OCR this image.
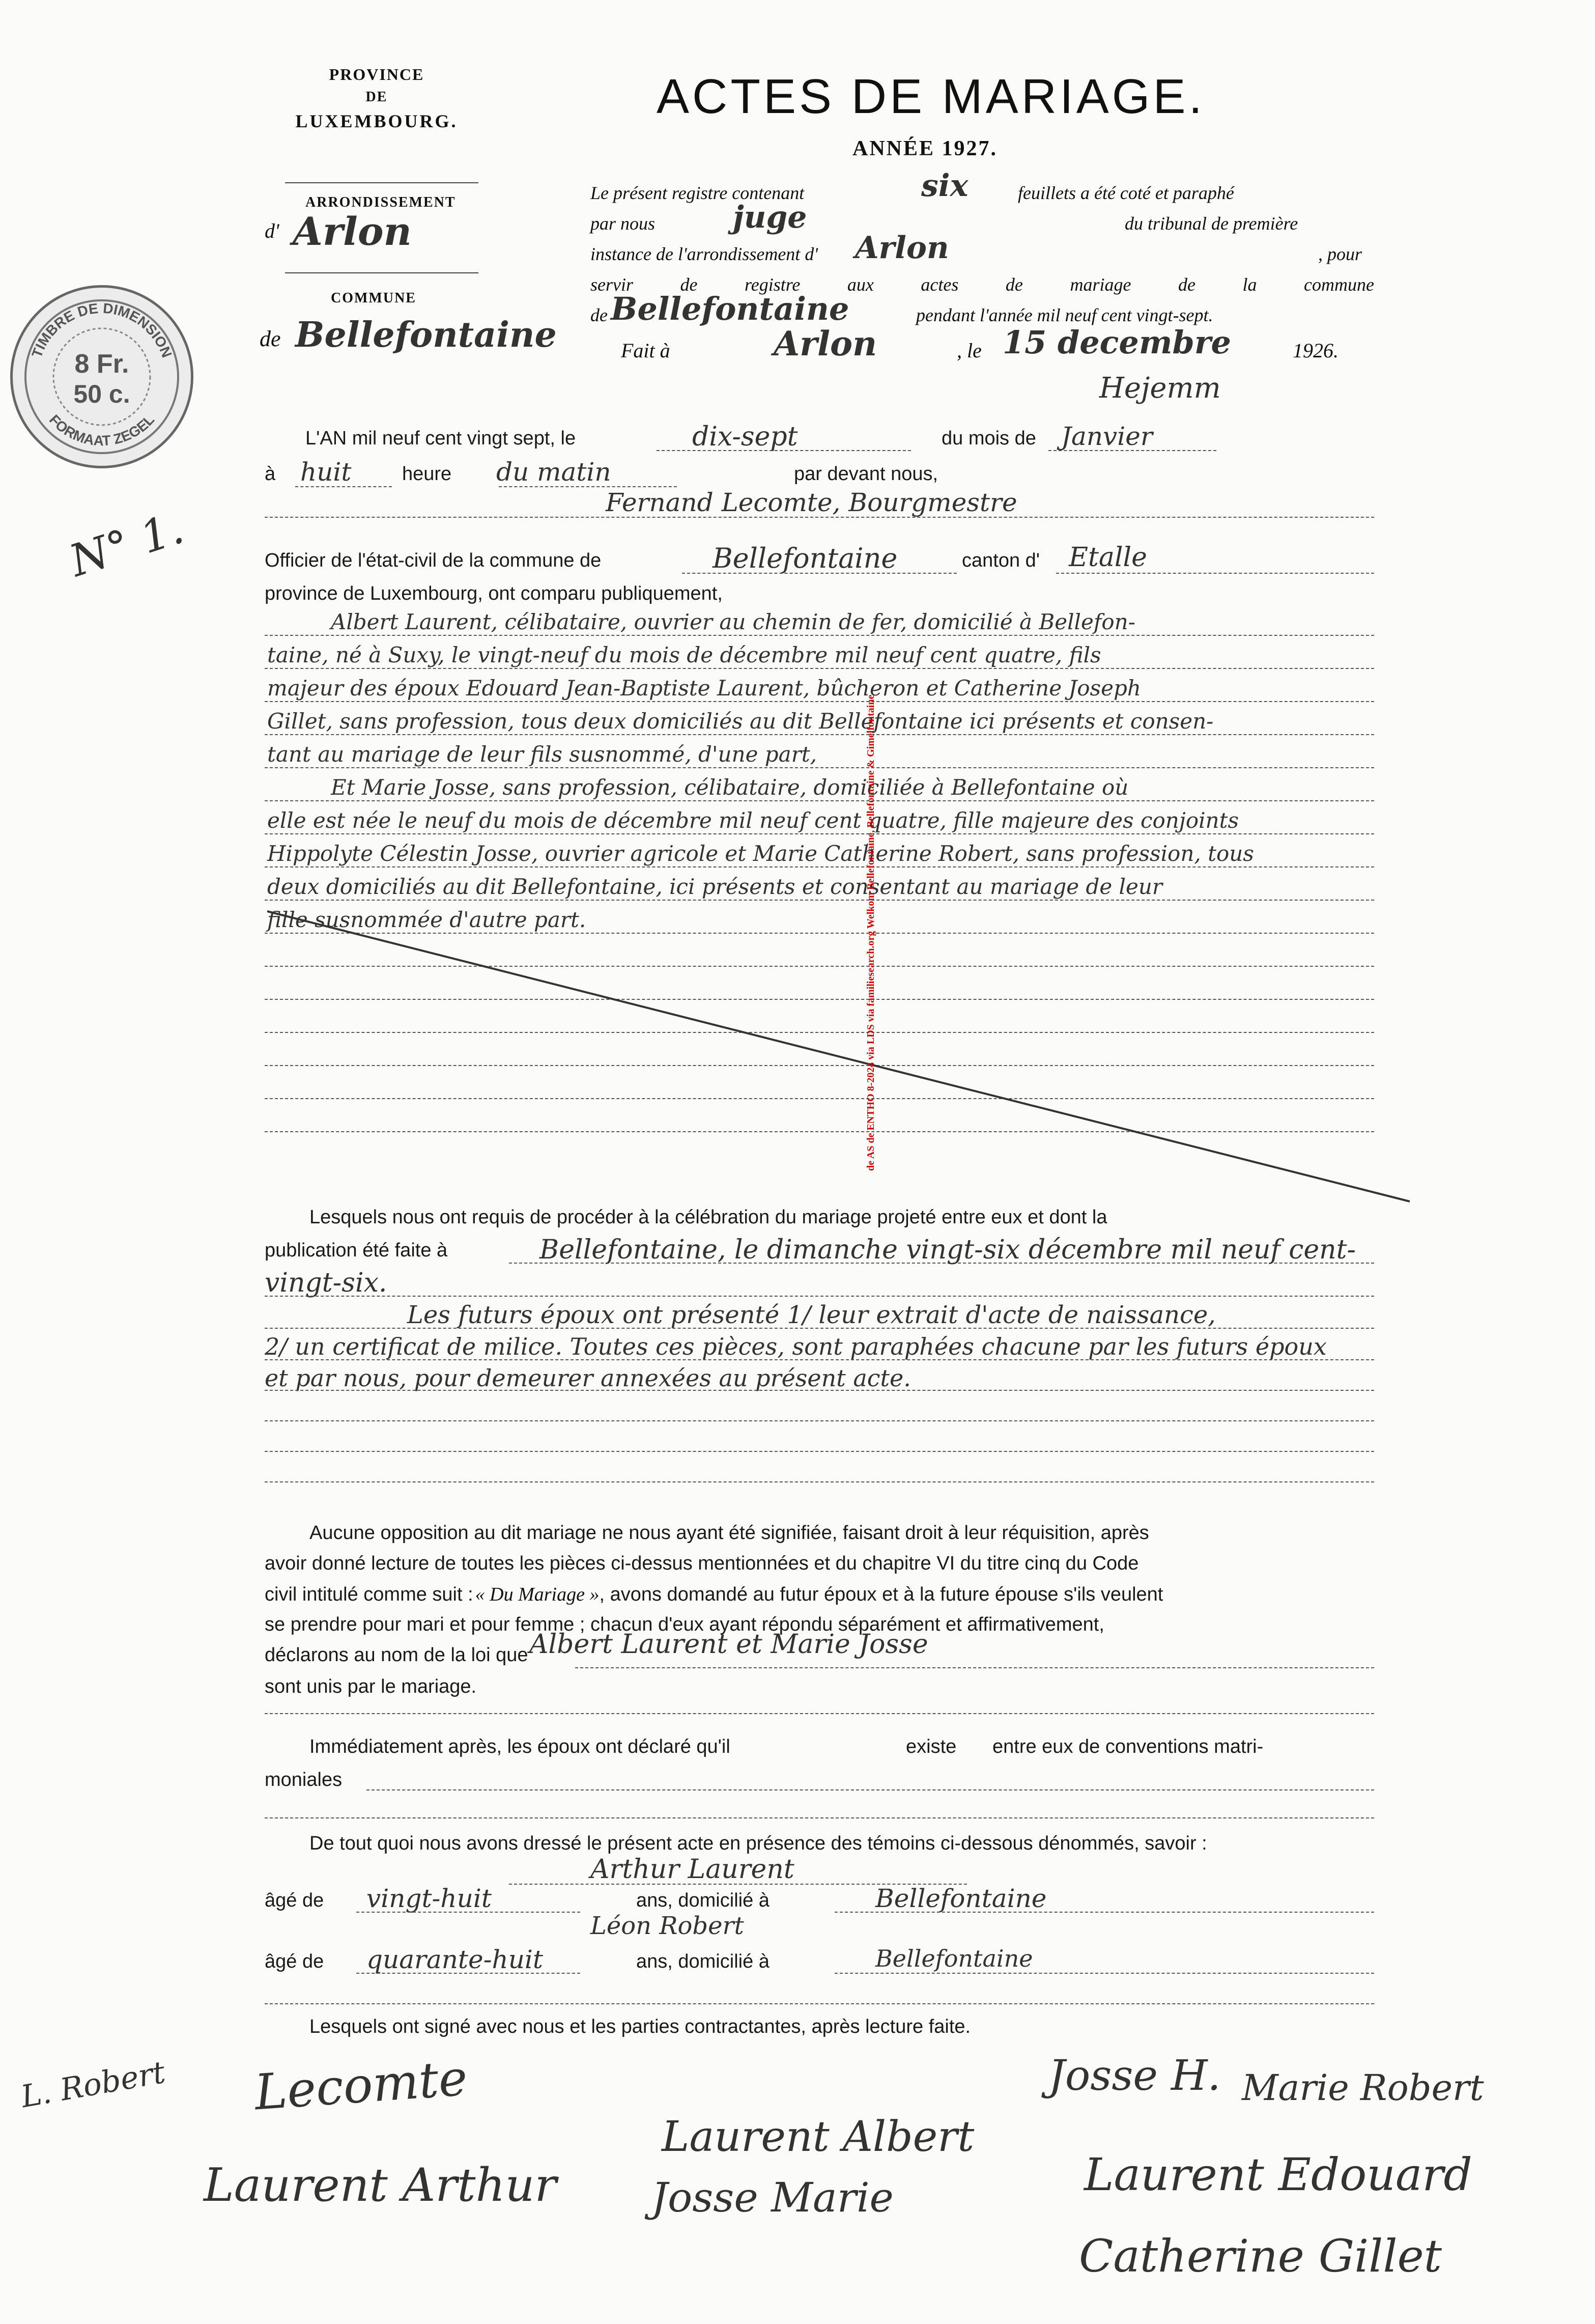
PROVINCE
DE
LUXEMBOURG.
ARRONDISSEMENT
d' Arlon
COMMUNE
de Bellefontaine
ACTES DE MARIAGE.
ANNÉE 1927.
Le présent registre contenant	six	feuillets a été coté et paraphé
par nous	juge	du tribunal de première
instance de l'arrondissement d' Arlon	, pour
servir de registre aux actes de mariage de la commune
de Bellefontaine	pendant l'année mil neuf cent vingt-sept.
Fait à	Arlon	, le 15 decembre	1926.
Hejemm
TIMBRE DE DIMENSION
FORMAAT ZEGEL
8 Fr.
50 c.
N° 1.
L'AN mil neuf cent vingt sept, le	dix-sept	du mois de Janvier
à huit	heure du matin	par devant nous,
Fernand Lecomte, Bourgmestre
Officier de l'état-civil de la commune de	Bellefontaine	canton d' Etalle
province de Luxembourg, ont comparu publiquement,
Albert Laurent, célibataire, ouvrier au chemin de fer, domicilié à Bellefon-
taine, né à Suxy, le vingt-neuf du mois de décembre mil neuf cent quatre, fils
majeur des époux Edouard Jean-Baptiste Laurent, bûcheron et Catherine Joseph
Gillet, sans profession, tous deux domiciliés au dit Bellefontaine ici présents et consen-
tant au mariage de leur fils susnommé, d'une part,
Et Marie Josse, sans profession, célibataire, domiciliée à Bellefontaine où
elle est née le neuf du mois de décembre mil neuf cent quatre, fille majeure des conjoints
Hippolyte Célestin Josse, ouvrier agricole et Marie Catherine Robert, sans profession, tous
deux domiciliés au dit Bellefontaine, ici présents et consentant au mariage de leur
fille susnommée d'autre part.	de AS de ENTHO 8-2024 via LDS via familiesearch.org Welkom Bellefontaine, Bellefontaine & Gimelfontaine
Lesquels nous ont requis de procéder à la célébration du mariage projeté entre eux et dont la
publication été faite à	Bellefontaine, le dimanche vingt-six décembre mil neuf cent-
vingt-six.
Les futurs époux ont présenté 1/ leur extrait d'acte de naissance,
2/ un certificat de milice. Toutes ces pièces, sont paraphées chacune par les futurs époux
et par nous, pour demeurer annexées au présent acte.
Aucune opposition au dit mariage ne nous ayant été signifiée, faisant droit à leur réquisition, après
avoir donné lecture de toutes les pièces ci-dessus mentionnées et du chapitre VI du titre cinq du Code
civil intitulé comme suit : « Du Mariage », avons domandé au futur époux et à la future épouse s'ils veulent
se prendre pour mari et pour femme ; chacun d'eux ayant répondu séparément et affirmativement,
déclarons au nom de la loi que Albert Laurent et Marie Josse
sont unis par le mariage.
Immédiatement après, les époux ont déclaré qu'il	existe entre eux de conventions matri-
moniales
De tout quoi nous avons dressé le présent acte en présence des témoins ci-dessous dénommés, savoir :
Arthur Laurent
âgé de vingt-huit	ans, domicilié à	Bellefontaine
Léon Robert
âgé de quarante-huit	ans, domicilié à	Bellefontaine
Lesquels ont signé avec nous et les parties contractantes, après lecture faite.
L. Robert Lecomte
Laurent Arthur
Laurent Albert
Josse Marie
Josse H. Marie Robert
Laurent Edouard
Catherine Gillet
